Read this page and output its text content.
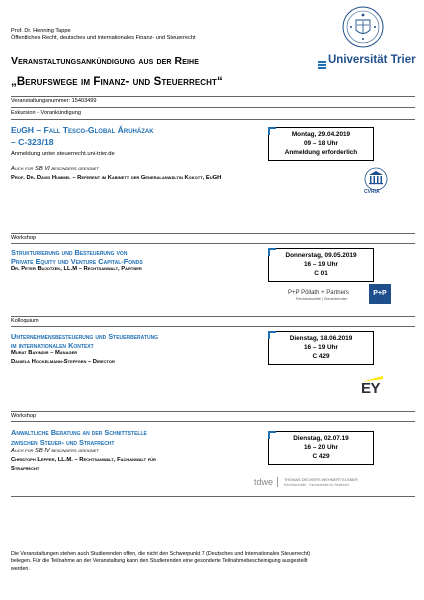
Prof. Dr. Henning Tappe
Öffentliches Recht, deutsches und internationales Finanz- und Steuerrecht
Universität Trier
Veranstaltungsankündigung aus der Reihe
„Berufswege im Finanz- und Steuerrecht“
Veranstaltungsnummer: 15403499
Exkursion - Vorankündigung
EuGH – Fall Tesco-Global Áruházak
– C-323/18
Anmeldung unter steuerrecht.uni-trier.de
Auch für SB VI besonders geeignet
Prof. Dr. David Hummel – Referent im Kabinett der Generalanwältin Kokott, EuGH
Montag, 29.04.2019
09 – 18 Uhr
Anmeldung erforderlich
CVRIA
Workshop
Strukturierung und Besteuerung von
Private Equity und Venture Capital-Fonds
Dr. Peter Bujotzek, LL.M – Rechtsanwalt, Partner
Donnerstag, 09.05.2019
16 – 19 Uhr
C 01
P+P Pöllath + Partners
Rechtsanwälte | Steuerberater
P+P
Kolloquium
Unternehmensbesteuerung und Steuerberatung
im internationalen Kontext
Murat Bayindir – Manager
Daniela Hockelmann-Steffgen – Director
Dienstag, 18.06.2019
16 – 19 Uhr
C 429
EY
Workshop
Anwaltliche Beratung an der Schnittstelle
zwischen Steuer- und Strafrecht
Auch für SB IV besonders geeignet
Christoph Lepper, LL.M. – Rechtsanwalt, Fachanwalt für
Strafrecht
Dienstag, 02.07.19
16 – 20 Uhr
C 429
tdwe	THOMAS DECKERS WEHNERT ELSNER
Rechtsanwälte · Fachanwälte für Strafrecht
Die Veranstaltungen stehen auch Studierenden offen, die nicht den Schwerpunkt 7 (Deutsches und Internationales Steuerrecht)
belegen. Für die Teilnahme an der Veranstaltung kann den Studierenden eine gesonderte Teilnahmebescheinigung ausgestellt
werden.
